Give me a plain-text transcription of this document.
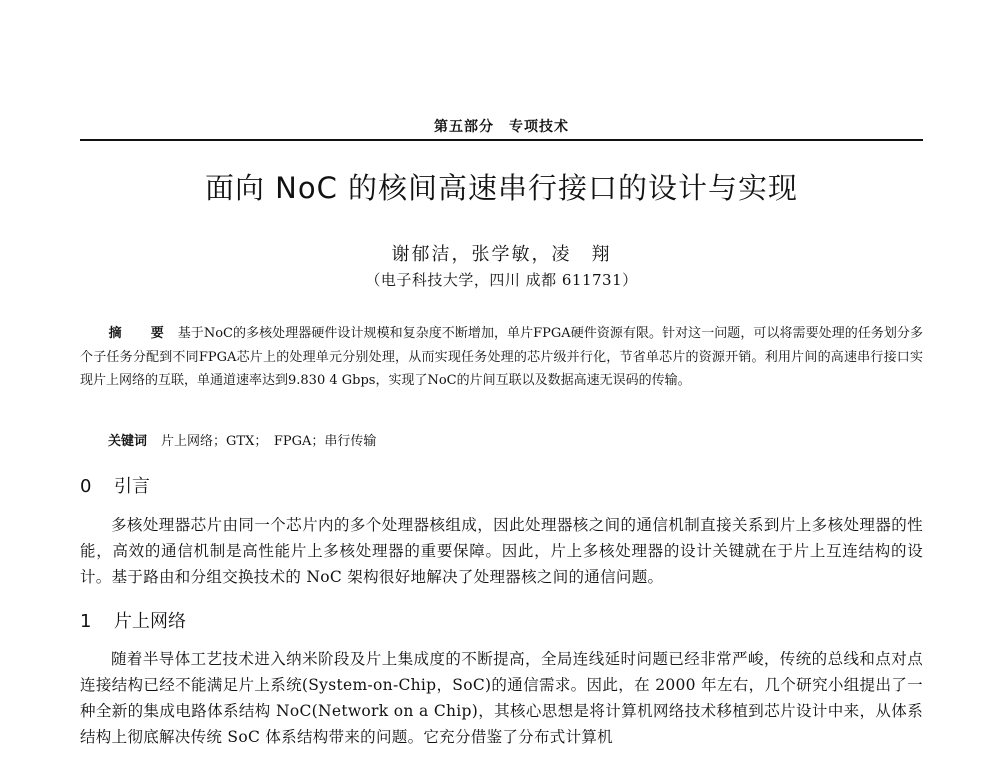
第五部分　专项技术
面向 NoC 的核间高速串行接口的设计与实现
谢郁洁，张学敏，凌　翔
（电子科技大学，四川 成都 611731）
摘　要 基于NoC的多核处理器硬件设计规模和复杂度不断增加，单片FPGA硬件资源有限。针对这一问题，可以将需要处理的任务划分多个子任务分配到不同FPGA芯片上的处理单元分别处理，从而实现任务处理的芯片级并行化，节省单芯片的资源开销。利用片间的高速串行接口实现片上网络的互联，单通道速率达到9.830 4 Gbps，实现了NoC的片间互联以及数据高速无误码的传输。
关键词 片上网络；GTX；　FPGA；串行传输
0 引言
多核处理器芯片由同一个芯片内的多个处理器核组成，因此处理器核之间的通信机制直接关系到片上多核处理器的性能，高效的通信机制是高性能片上多核处理器的重要保障。因此，片上多核处理器的设计关键就在于片上互连结构的设计。基于路由和分组交换技术的 NoC 架构很好地解决了处理器核之间的通信问题。
1 片上网络
随着半导体工艺技术进入纳米阶段及片上集成度的不断提高，全局连线延时问题已经非常严峻，传统的总线和点对点连接结构已经不能满足片上系统(System-on-Chip，SoC)的通信需求。因此，在 2000 年左右，几个研究小组提出了一种全新的集成电路体系结构 NoC(Network on a Chip)，其核心思想是将计算机网络技术移植到芯片设计中来，从体系结构上彻底解决传统 SoC 体系结构带来的问题。它充分借鉴了分布式计算机
